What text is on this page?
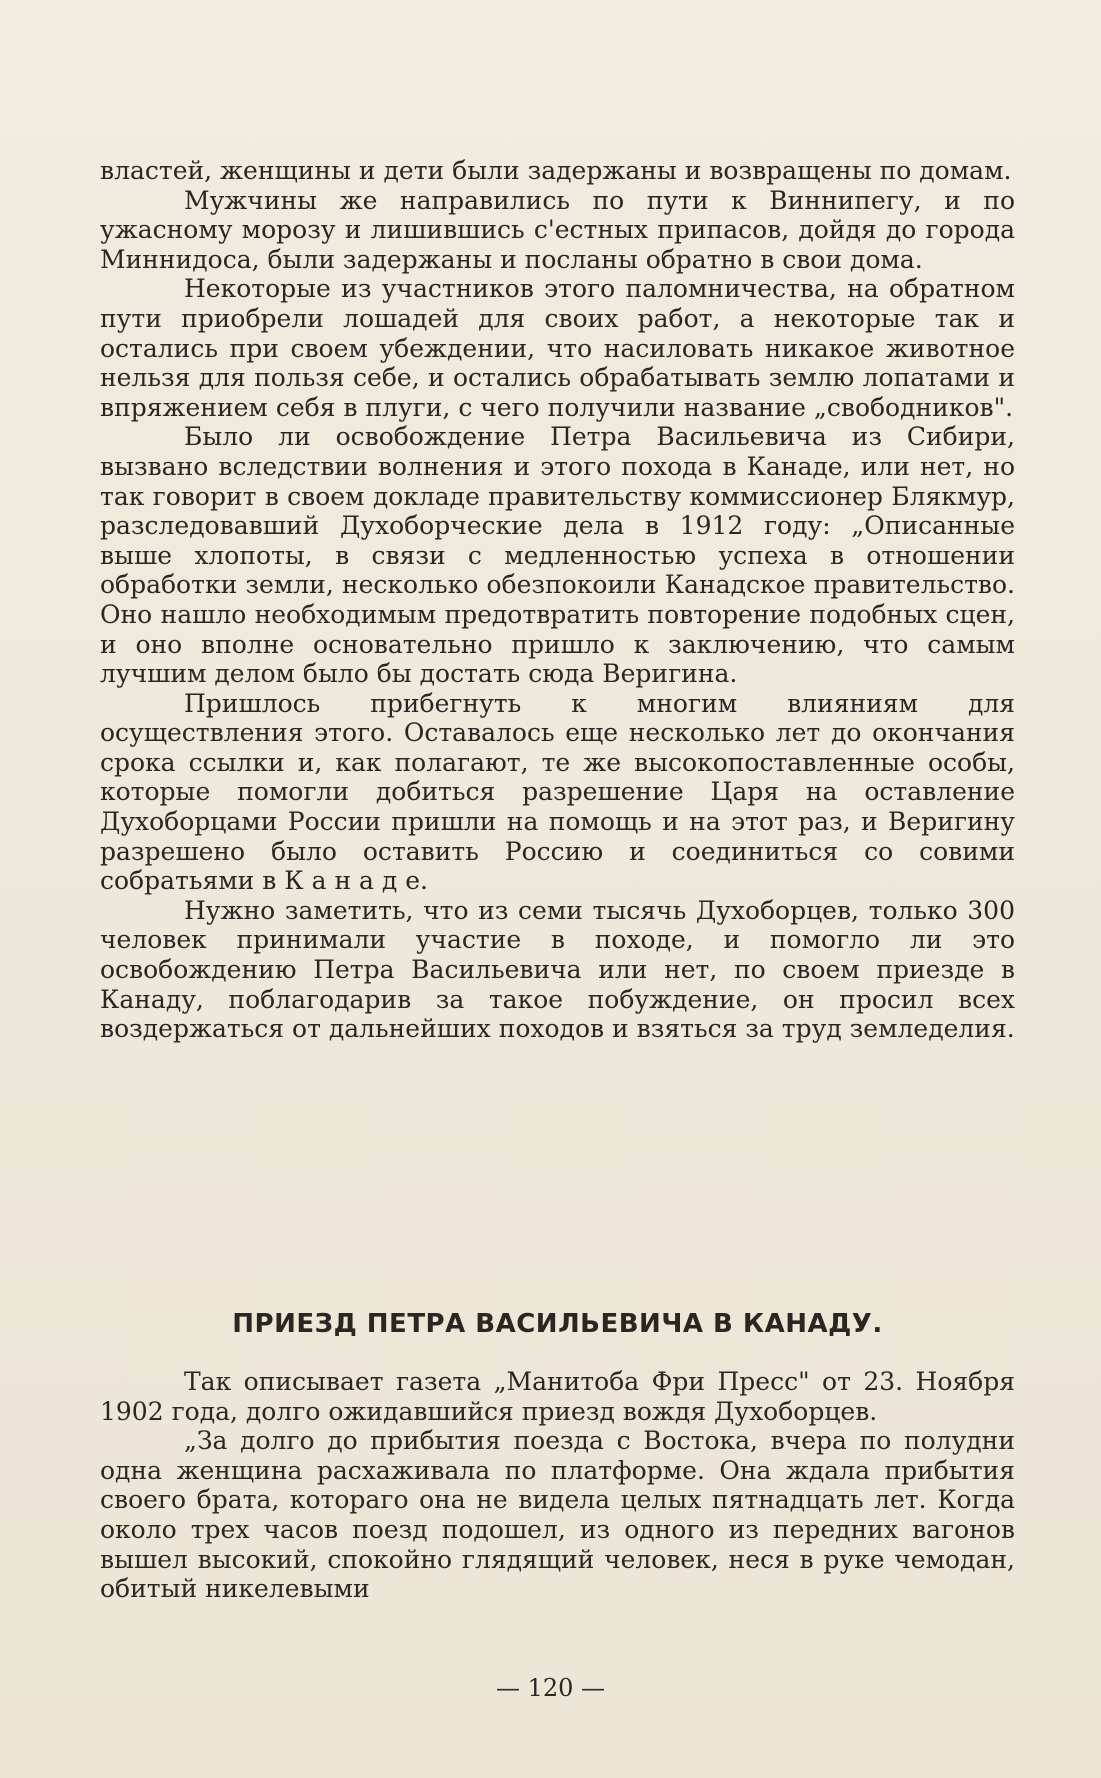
властей, женщины и дети были задержаны и возвращены по домам.

Мужчины же направились по пути к Виннипегу, и по ужасному морозу и лишившись с'естных припасов, дойдя до города Миннидоса, были задержаны и посланы обратно в свои дома.

Некоторые из участников этого паломничества, на обратном пути приобрели лошадей для своих работ, а некоторые так и остались при своем убеждении, что насиловать никакое животное нельзя для пользя себе, и остались обрабатывать землю лопатами и впряжением себя в плуги, с чего получили название „свободников".

Было ли освобождение Петра Васильевича из Сибири, вызвано вследствии волнения и этого похода в Канаде, или нет, но так говорит в своем докладе правительству коммиссионер Блякмур, разследовавший Духоборческие дела в 1912 году: „Описанные выше хлопоты, в связи с медленностью успеха в отношении обработки земли, несколько обезпокоили Канадское правительство. Оно нашло необходимым предотвратить повторение подобных сцен, и оно вполне основательно пришло к заключению, что самым лучшим делом было бы достать сюда Веригина.

Пришлось прибегнуть к многим влияниям для осуществления этого. Оставалось еще несколько лет до окончания срока ссылки и, как полагают, те же высокопоставленные особы, которые помогли добиться разрешение Царя на оставление Духоборцами России пришли на помощь и на этот раз, и Веригину разрешено было оставить Россию и соединиться со совими собратьями в К а н а д е.

Нужно заметить, что из семи тысячь Духоборцев, только 300 человек принимали участие в походе, и помогло ли это освобождению Петра Васильевича или нет, по своем приезде в Канаду, поблагодарив за такое побуждение, он просил всех воздержаться от дальнейших походов и взяться за труд земледелия.

ПРИЕЗД ПЕТРА ВАСИЛЬЕВИЧА В КАНАДУ.

Так описывает газета „Манитоба Фри Пресс" от 23. Ноября 1902 года, долго ожидавшийся приезд вождя Духоборцев.

„За долго до прибытия поезда с Востока, вчера по полудни одна женщина расхаживала по платформе. Она ждала прибытия своего брата, котораго она не видела целых пятнадцать лет. Когда около трех часов поезд подошел, из одного из передних вагонов вышел высокий, спокойно глядящий человек, неся в руке чемодан, обитый никелевыми

— 120 —
